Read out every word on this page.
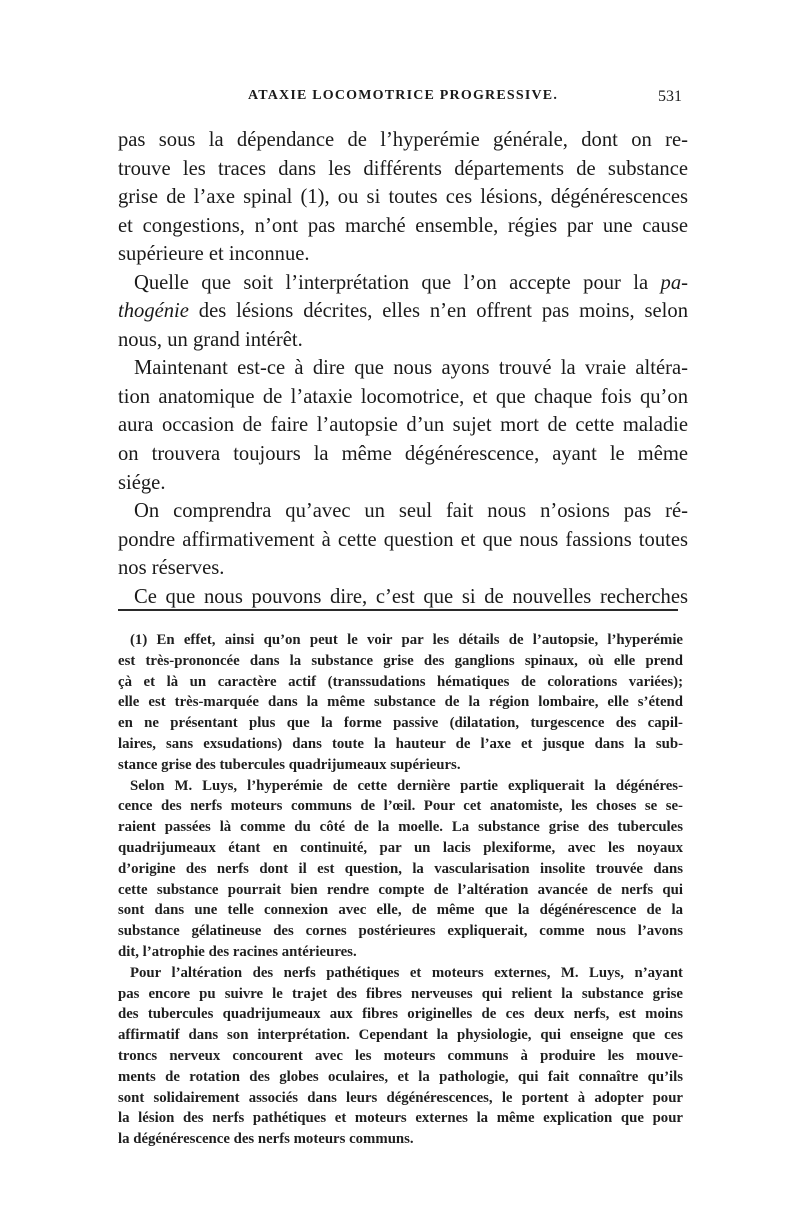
ATAXIE LOCOMOTRICE PROGRESSIVE.	531
pas sous la dépendance de l’hyperémie générale, dont on re-
trouve les traces dans les différents départements de substance
grise de l’axe spinal (1), ou si toutes ces lésions, dégénérescences
et congestions, n’ont pas marché ensemble, régies par une cause
supérieure et inconnue.
Quelle que soit l’interprétation que l’on accepte pour la pa-
thogénie des lésions décrites, elles n’en offrent pas moins, selon
nous, un grand intérêt.
Maintenant est-ce à dire que nous ayons trouvé la vraie altéra-
tion anatomique de l’ataxie locomotrice, et que chaque fois qu’on
aura occasion de faire l’autopsie d’un sujet mort de cette maladie
on trouvera toujours la même dégénérescence, ayant le même
siége.
On comprendra qu’avec un seul fait nous n’osions pas ré-
pondre affirmativement à cette question et que nous fassions toutes
nos réserves.
Ce que nous pouvons dire, c’est que si de nouvelles recherches
(1) En effet, ainsi qu’on peut le voir par les détails de l’autopsie, l’hyperémie
est très-prononcée dans la substance grise des ganglions spinaux, où elle prend
çà et là un caractère actif (transsudations hématiques de colorations variées);
elle est très-marquée dans la même substance de la région lombaire, elle s’étend
en ne présentant plus que la forme passive (dilatation, turgescence des capil-
laires, sans exsudations) dans toute la hauteur de l’axe et jusque dans la sub-
stance grise des tubercules quadrijumeaux supérieurs.
Selon M. Luys, l’hyperémie de cette dernière partie expliquerait la dégénéres-
cence des nerfs moteurs communs de l’œil. Pour cet anatomiste, les choses se se-
raient passées là comme du côté de la moelle. La substance grise des tubercules
quadrijumeaux étant en continuité, par un lacis plexiforme, avec les noyaux
d’origine des nerfs dont il est question, la vascularisation insolite trouvée dans
cette substance pourrait bien rendre compte de l’altération avancée de nerfs qui
sont dans une telle connexion avec elle, de même que la dégénérescence de la
substance gélatineuse des cornes postérieures expliquerait, comme nous l’avons
dit, l’atrophie des racines antérieures.
Pour l’altération des nerfs pathétiques et moteurs externes, M. Luys, n’ayant
pas encore pu suivre le trajet des fibres nerveuses qui relient la substance grise
des tubercules quadrijumeaux aux fibres originelles de ces deux nerfs, est moins
affirmatif dans son interprétation. Cependant la physiologie, qui enseigne que ces
troncs nerveux concourent avec les moteurs communs à produire les mouve-
ments de rotation des globes oculaires, et la pathologie, qui fait connaître qu’ils
sont solidairement associés dans leurs dégénérescences, le portent à adopter pour
la lésion des nerfs pathétiques et moteurs externes la même explication que pour
la dégénérescence des nerfs moteurs communs.
